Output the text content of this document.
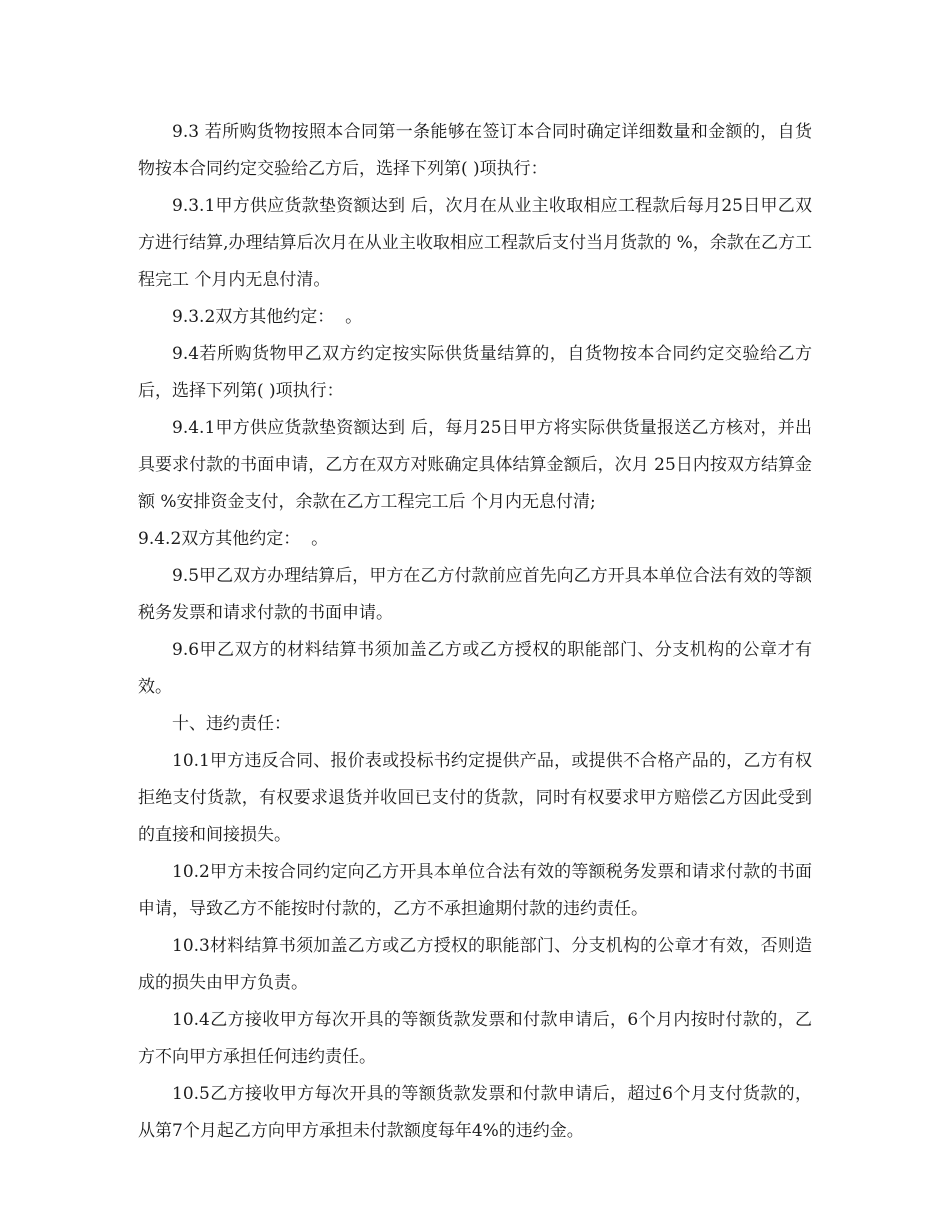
9.3 若所购货物按照本合同第一条能够在签订本合同时确定详细数量和金额的，自货物按本合同约定交验给乙方后，选择下列第( )项执行：

9.3.1甲方供应货款垫资额达到 后，次月在从业主收取相应工程款后每月25日甲乙双方进行结算,办理结算后次月在从业主收取相应工程款后支付当月货款的 %，余款在乙方工程完工 个月内无息付清。

9.3.2双方其他约定：  。

9.4若所购货物甲乙双方约定按实际供货量结算的，自货物按本合同约定交验给乙方后，选择下列第( )项执行：

9.4.1甲方供应货款垫资额达到 后，每月25日甲方将实际供货量报送乙方核对，并出具要求付款的书面申请，乙方在双方对账确定具体结算金额后，次月 25日内按双方结算金额 %安排资金支付，余款在乙方工程完工后 个月内无息付清;

9.4.2双方其他约定：  。

9.5甲乙双方办理结算后，甲方在乙方付款前应首先向乙方开具本单位合法有效的等额税务发票和请求付款的书面申请。

9.6甲乙双方的材料结算书须加盖乙方或乙方授权的职能部门、分支机构的公章才有效。

十、违约责任：

10.1甲方违反合同、报价表或投标书约定提供产品，或提供不合格产品的，乙方有权拒绝支付货款，有权要求退货并收回已支付的货款，同时有权要求甲方赔偿乙方因此受到的直接和间接损失。

10.2甲方未按合同约定向乙方开具本单位合法有效的等额税务发票和请求付款的书面申请，导致乙方不能按时付款的，乙方不承担逾期付款的违约责任。

10.3材料结算书须加盖乙方或乙方授权的职能部门、分支机构的公章才有效，否则造成的损失由甲方负责。

10.4乙方接收甲方每次开具的等额货款发票和付款申请后，6个月内按时付款的，乙方不向甲方承担任何违约责任。

10.5乙方接收甲方每次开具的等额货款发票和付款申请后，超过6个月支付货款的，从第7个月起乙方向甲方承担未付款额度每年4%的违约金。
